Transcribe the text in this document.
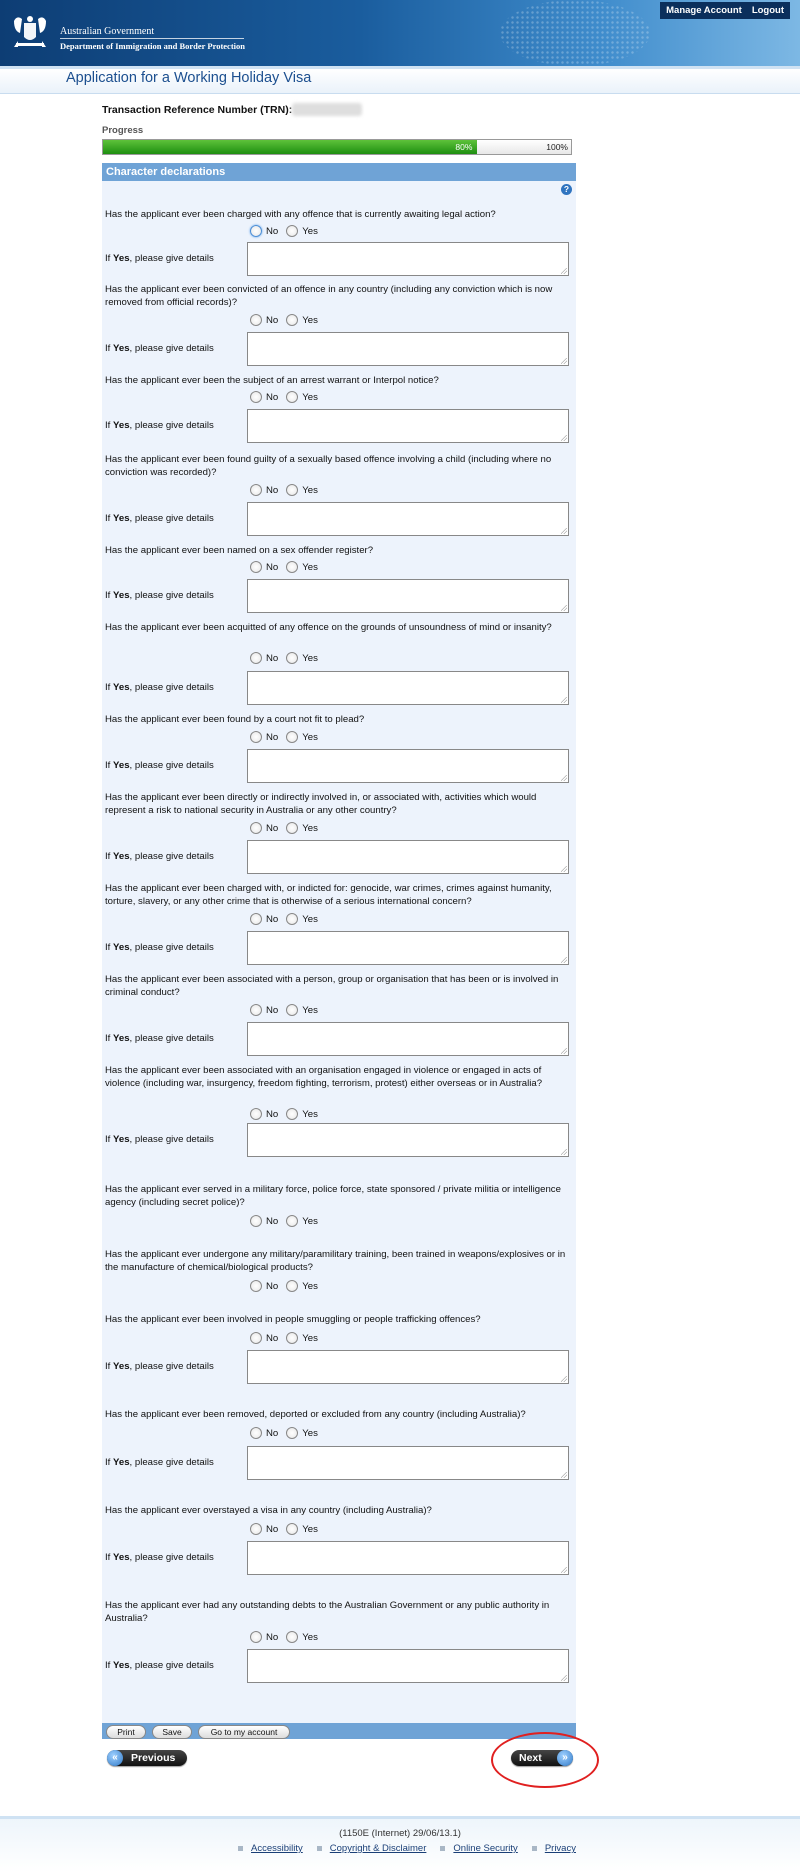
Australian Government
Department of Immigration and Border Protection
Manage Account Logout
Application for a Working Holiday Visa
Transaction Reference Number (TRN):
Progress
80%	100%
Character declarations
?
Print	Save	Go to my account
Has the applicant ever been charged with any offence that is currently awaiting legal action?
No	Yes
If Yes, please give details
Has the applicant ever been convicted of an offence in any country (including any conviction which is now removed from official records)?
No	Yes
If Yes, please give details
Has the applicant ever been the subject of an arrest warrant or Interpol notice?
No	Yes
If Yes, please give details
Has the applicant ever been found guilty of a sexually based offence involving a child (including where no conviction was recorded)?
No	Yes
If Yes, please give details
Has the applicant ever been named on a sex offender register?
No	Yes
If Yes, please give details
Has the applicant ever been acquitted of any offence on the grounds of unsoundness of mind or insanity?
No	Yes
If Yes, please give details
Has the applicant ever been found by a court not fit to plead?
No	Yes
If Yes, please give details
Has the applicant ever been directly or indirectly involved in, or associated with, activities which would represent a risk to national security in Australia or any other country?
No	Yes
If Yes, please give details
Has the applicant ever been charged with, or indicted for: genocide, war crimes, crimes against humanity, torture, slavery, or any other crime that is otherwise of a serious international concern?
No	Yes
If Yes, please give details
Has the applicant ever been associated with a person, group or organisation that has been or is involved in criminal conduct?
No	Yes
If Yes, please give details
Has the applicant ever been associated with an organisation engaged in violence or engaged in acts of violence (including war, insurgency, freedom fighting, terrorism, protest) either overseas or in Australia?
No	Yes
If Yes, please give details
Has the applicant ever served in a military force, police force, state sponsored / private militia or intelligence agency (including secret police)?
No	Yes
Has the applicant ever undergone any military/paramilitary training, been trained in weapons/explosives or in the manufacture of chemical/biological products?
No	Yes
Has the applicant ever been involved in people smuggling or people trafficking offences?
No	Yes
If Yes, please give details
Has the applicant ever been removed, deported or excluded from any country (including Australia)?
No	Yes
If Yes, please give details
Has the applicant ever overstayed a visa in any country (including Australia)?
No	Yes
If Yes, please give details
Has the applicant ever had any outstanding debts to the Australian Government or any public authority in Australia?
No	Yes
If Yes, please give details
«	Previous	Next	»
(1150E (Internet) 29/06/13.1)
Accessibility	Copyright & Disclaimer	Online Security	Privacy
